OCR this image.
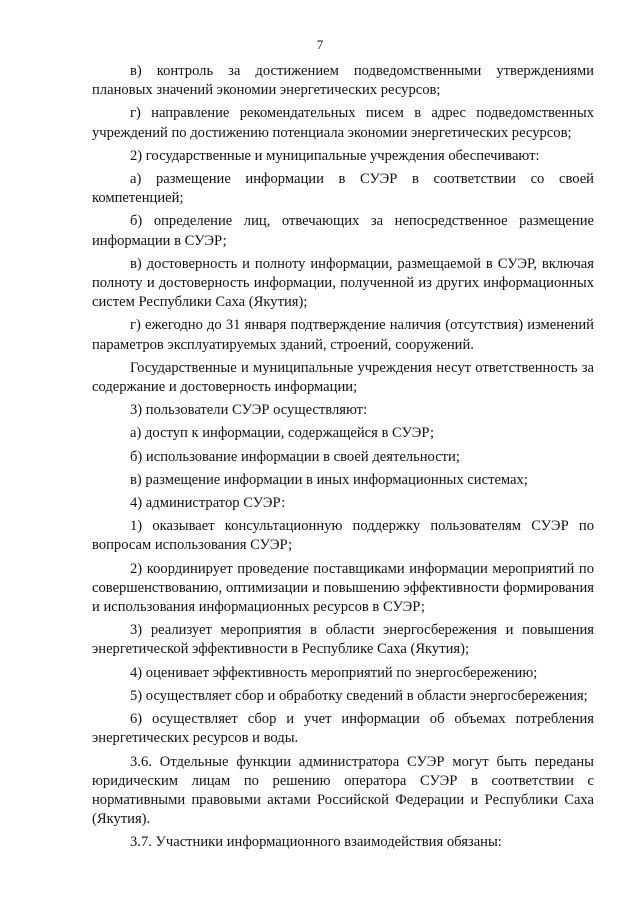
7

в) контроль за достижением подведомственными утверждениями плановых значений экономии энергетических ресурсов;

г) направление рекомендательных писем в адрес подведомственных учреждений по достижению потенциала экономии энергетических ресурсов;

2) государственные и муниципальные учреждения обеспечивают:

а) размещение информации в СУЭР в соответствии со своей компетенцией;

б) определение лиц, отвечающих за непосредственное размещение информации в СУЭР;

в) достоверность и полноту информации, размещаемой в СУЭР, включая полноту и достоверность информации, полученной из других информационных систем Республики Саха (Якутия);

г) ежегодно до 31 января подтверждение наличия (отсутствия) изменений параметров эксплуатируемых зданий, строений, сооружений.

Государственные и муниципальные учреждения несут ответственность за содержание и достоверность информации;

3) пользователи СУЭР осуществляют:

а) доступ к информации, содержащейся в СУЭР;

б) использование информации в своей деятельности;

в) размещение информации в иных информационных системах;

4) администратор СУЭР:

1) оказывает консультационную поддержку пользователям СУЭР по вопросам использования СУЭР;

2) координирует проведение поставщиками информации мероприятий по совершенствованию, оптимизации и повышению эффективности формирования и использования информационных ресурсов в СУЭР;

3) реализует мероприятия в области энергосбережения и повышения энергетической эффективности в Республике Саха (Якутия);

4) оценивает эффективность мероприятий по энергосбережению;

5) осуществляет сбор и обработку сведений в области энергосбережения;

6) осуществляет сбор и учет информации об объемах потребления энергетических ресурсов и воды.

3.6. Отдельные функции администратора СУЭР могут быть переданы юридическим лицам по решению оператора СУЭР в соответствии с нормативными правовыми актами Российской Федерации и Республики Саха (Якутия).

3.7. Участники информационного взаимодействия обязаны:
